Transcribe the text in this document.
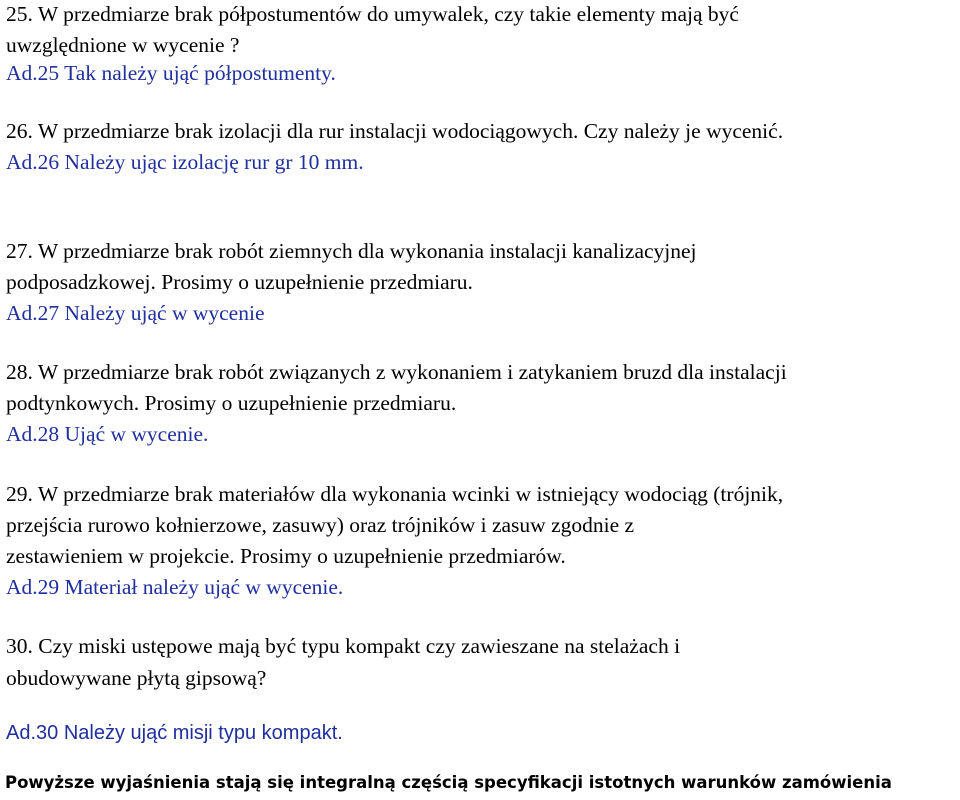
25. W przedmiarze brak półpostumentów do umywalek, czy takie elementy mają być
uwzględnione w wycenie ?
Ad.25 Tak należy ująć półpostumenty.
26. W przedmiarze brak izolacji dla rur instalacji wodociągowych. Czy należy je wycenić.
Ad.26 Należy ując izolację rur gr 10 mm.
27. W przedmiarze brak robót ziemnych dla wykonania instalacji kanalizacyjnej
podposadzkowej. Prosimy o uzupełnienie przedmiaru.
Ad.27 Należy ująć w wycenie
28. W przedmiarze brak robót związanych z wykonaniem i zatykaniem bruzd dla instalacji
podtynkowych. Prosimy o uzupełnienie przedmiaru.
Ad.28 Ująć w wycenie.
29. W przedmiarze brak materiałów dla wykonania wcinki w istniejący wodociąg (trójnik,
przejścia rurowo kołnierzowe, zasuwy) oraz trójników i zasuw zgodnie z
zestawieniem w projekcie. Prosimy o uzupełnienie przedmiarów.
Ad.29 Materiał należy ująć w wycenie.
30. Czy miski ustępowe mają być typu kompakt czy zawieszane na stelażach i
obudowywane płytą gipsową?
Ad.30 Należy ująć misji typu kompakt.
Powyższe wyjaśnienia stają się integralną częścią specyfikacji istotnych warunków zamówienia
